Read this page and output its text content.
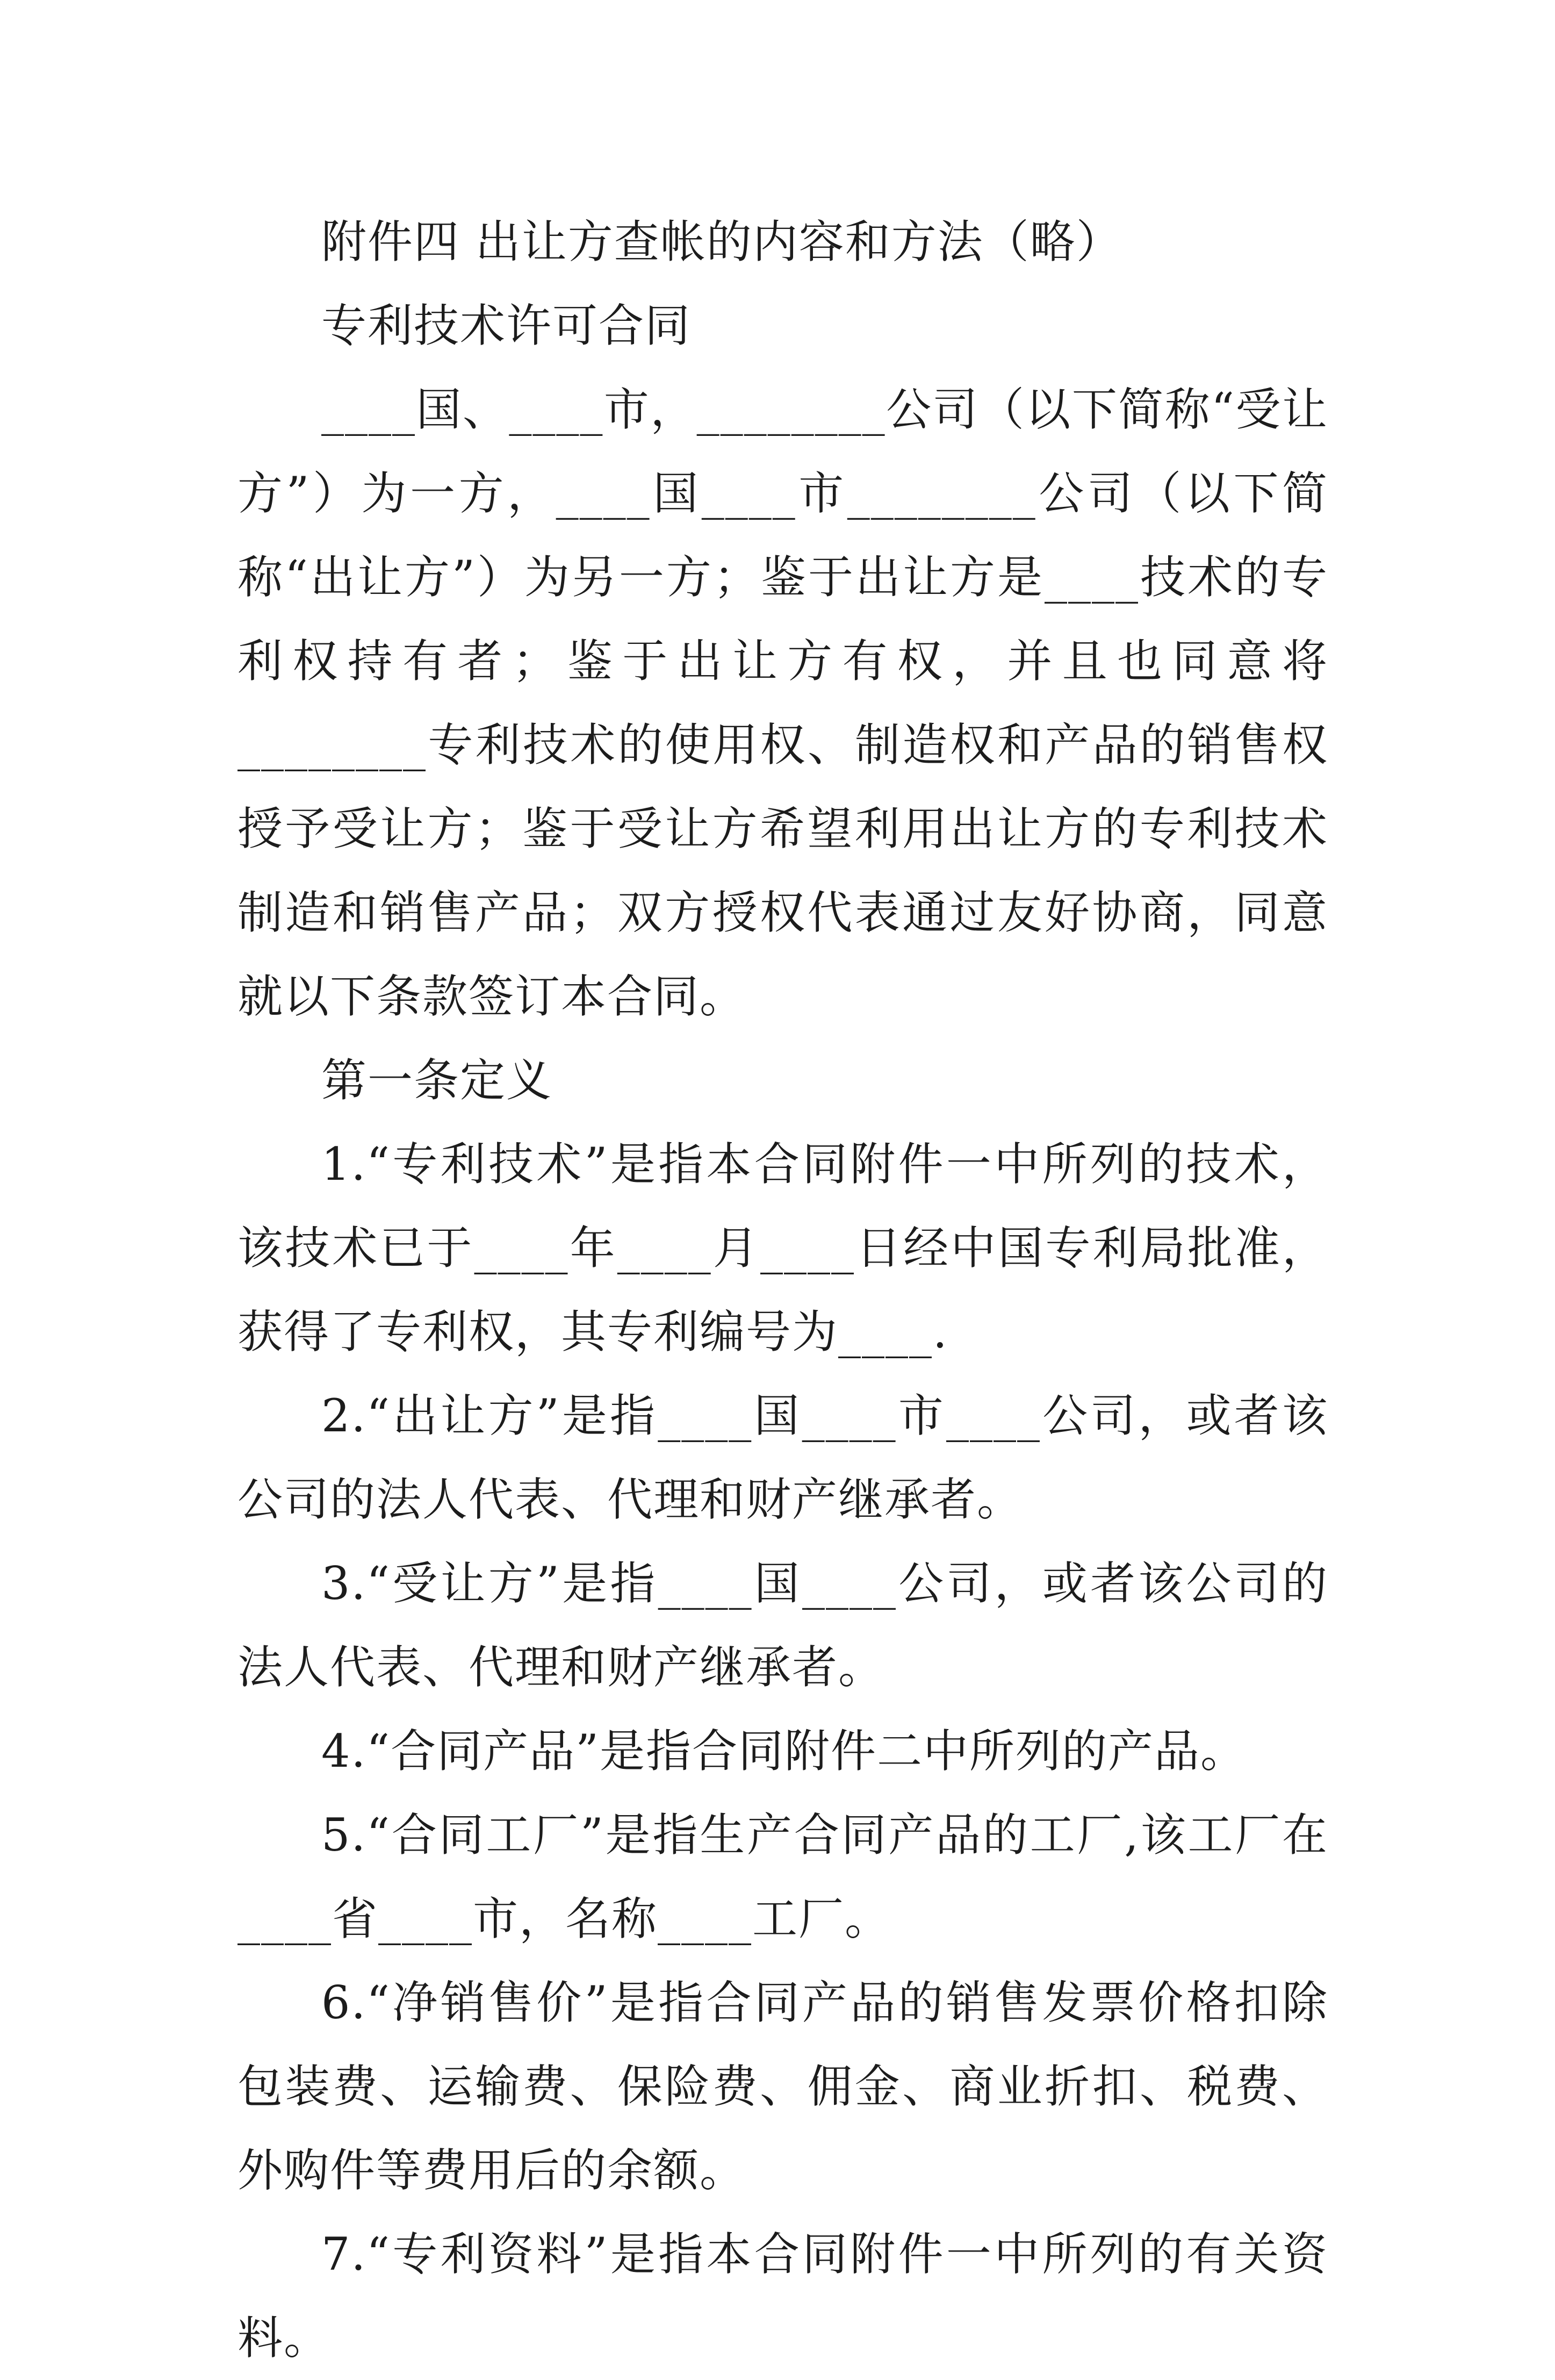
附件四 出让方查帐的内容和方法（略）

专利技术许可合同

____国、____市，________公司（以下简称“受让方”）为一方，____国____市________公司（以下简称“出让方”）为另一方；鉴于出让方是____技术的专利权持有者；鉴于出让方有权，并且也同意将________专利技术的使用权、制造权和产品的销售权授予受让方；鉴于受让方希望利用出让方的专利技术制造和销售产品；双方授权代表通过友好协商，同意就以下条款签订本合同。

第一条定义

1.“专利技术”是指本合同附件一中所列的技术，该技术已于____年____月____日经中国专利局批准，获得了专利权，其专利编号为____.

2.“出让方”是指____国____市____公司，或者该公司的法人代表、代理和财产继承者。

3.“受让方”是指____国____公司，或者该公司的法人代表、代理和财产继承者。

4.“合同产品”是指合同附件二中所列的产品。

5.“合同工厂”是指生产合同产品的工厂,该工厂在____省____市，名称____工厂。

6.“净销售价”是指合同产品的销售发票价格扣除包装费、运输费、保险费、佣金、商业折扣、税费、外购件等费用后的余额。

7.“专利资料”是指本合同附件一中所列的有关资料。
